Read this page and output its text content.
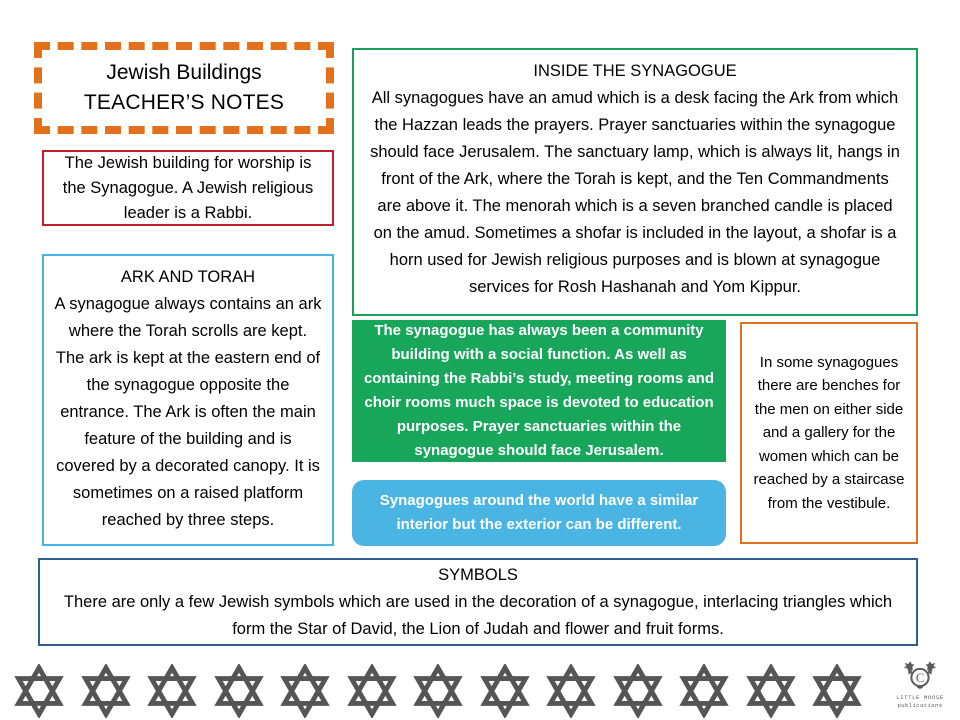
Jewish Buildings

TEACHER’S NOTES

The Jewish building for worship is the Synagogue. A Jewish religious leader is a Rabbi.

ARK AND TORAH

A synagogue always contains an ark where the Torah scrolls are kept. The ark is kept at the eastern end of the synagogue opposite the entrance. The Ark is often the main feature of the building and is covered by a decorated canopy. It is sometimes on a raised platform reached by three steps.

INSIDE THE SYNAGOGUE

All synagogues have an amud which is a desk facing the Ark from which the Hazzan leads the prayers. Prayer sanctuaries within the synagogue should face Jerusalem. The sanctuary lamp, which is always lit, hangs in front of the Ark, where the Torah is kept, and the Ten Commandments are above it. The menorah which is a seven branched candle is placed on the amud. Sometimes a shofar is included in the layout, a shofar is a horn used for Jewish religious purposes and is blown at synagogue services for Rosh Hashanah and Yom Kippur.

The synagogue has always been a community building with a social function. As well as containing the Rabbi’s study, meeting rooms and choir rooms much space is devoted to education purposes. Prayer sanctuaries within the synagogue should face Jerusalem.

Synagogues around the world have a similar interior but the exterior can be different.

In some synagogues there are benches for the men on either side and a gallery for the women which can be reached by a staircase from the vestibule.

SYMBOLS

There are only a few Jewish symbols which are used in the decoration of a synagogue, interlacing triangles which form the Star of David, the Lion of Judah and flower and fruit forms.

C
LITTLE MOOSE
publications
